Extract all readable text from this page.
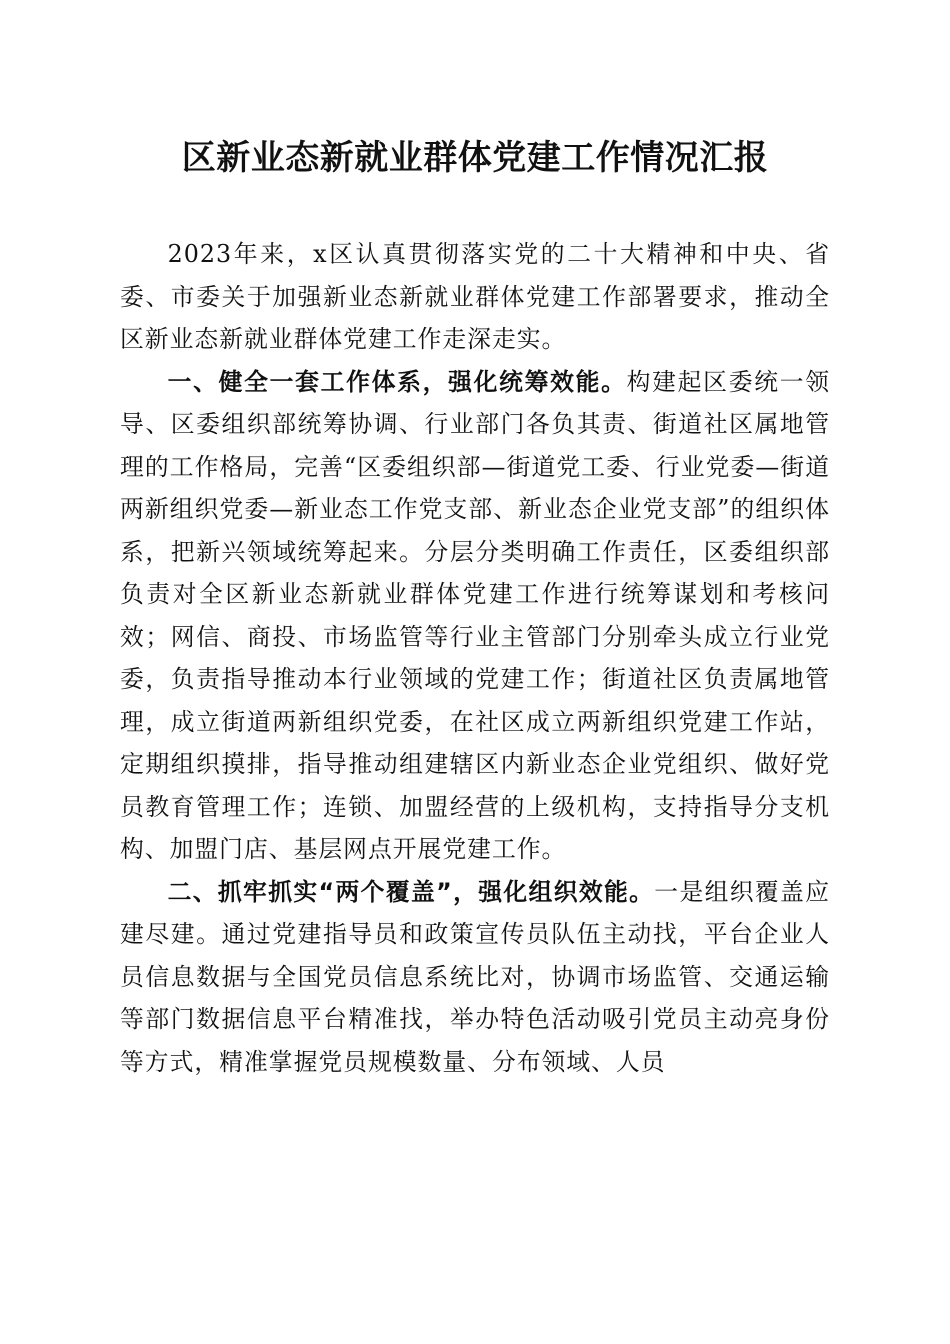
区新业态新就业群体党建工作情况汇报

2023年来，x区认真贯彻落实党的二十大精神和中央、省委、市委关于加强新业态新就业群体党建工作部署要求，推动全区新业态新就业群体党建工作走深走实。

一、健全一套工作体系，强化统筹效能。构建起区委统一领导、区委组织部统筹协调、行业部门各负其责、街道社区属地管理的工作格局，完善“区委组织部—街道党工委、行业党委—街道两新组织党委—新业态工作党支部、新业态企业党支部”的组织体系，把新兴领域统筹起来。分层分类明确工作责任，区委组织部负责对全区新业态新就业群体党建工作进行统筹谋划和考核问效；网信、商投、市场监管等行业主管部门分别牵头成立行业党委，负责指导推动本行业领域的党建工作；街道社区负责属地管理，成立街道两新组织党委，在社区成立两新组织党建工作站，定期组织摸排，指导推动组建辖区内新业态企业党组织、做好党员教育管理工作；连锁、加盟经营的上级机构，支持指导分支机构、加盟门店、基层网点开展党建工作。

二、抓牢抓实“两个覆盖”，强化组织效能。一是组织覆盖应建尽建。通过党建指导员和政策宣传员队伍主动找，平台企业人员信息数据与全国党员信息系统比对，协调市场监管、交通运输等部门数据信息平台精准找，举办特色活动吸引党员主动亮身份等方式，精准掌握党员规模数量、分布领域、人员
